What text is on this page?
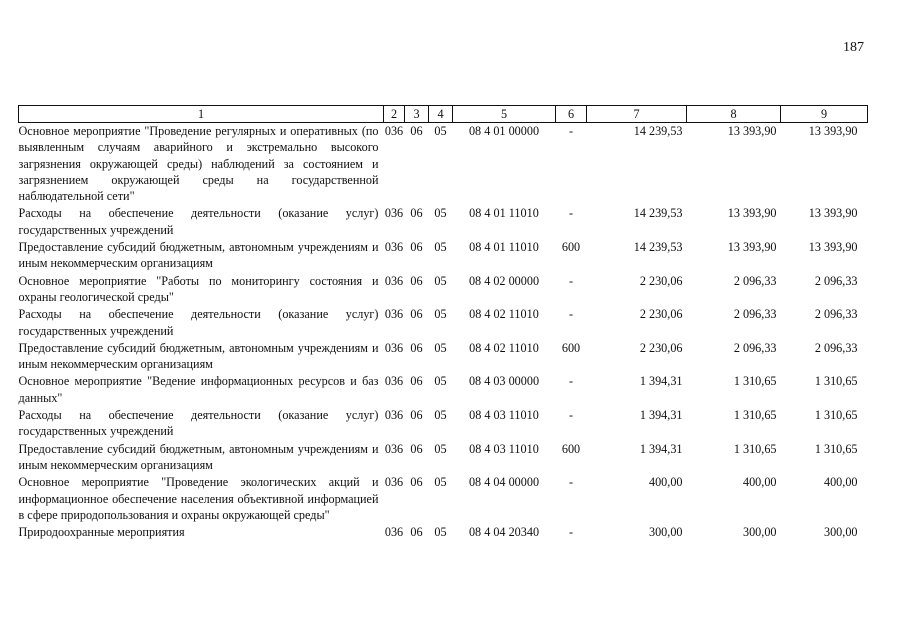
187
1	2	3	4	5	6	7	8	9
Основное мероприятие "Проведение регулярных и оперативных (по выявленным случаям аварийного и экстремально высокого загрязнения окружающей среды) наблюдений за состоянием и загрязнением окружающей среды на государственной наблюдательной сети"	036	06	05	08 4 01 00000	-	14 239,53	13 393,90	13 393,90
Расходы на обеспечение деятельности (оказание услуг) государственных учреждений	036	06	05	08 4 01 11010	-	14 239,53	13 393,90	13 393,90
Предоставление субсидий бюджетным, автономным учреждениям и иным некоммерческим организациям	036	06	05	08 4 01 11010	600	14 239,53	13 393,90	13 393,90
Основное мероприятие "Работы по мониторингу состояния и охраны геологической среды"	036	06	05	08 4 02 00000	-	2 230,06	2 096,33	2 096,33
Расходы на обеспечение деятельности (оказание услуг) государственных учреждений	036	06	05	08 4 02 11010	-	2 230,06	2 096,33	2 096,33
Предоставление субсидий бюджетным, автономным учреждениям и иным некоммерческим организациям	036	06	05	08 4 02 11010	600	2 230,06	2 096,33	2 096,33
Основное мероприятие "Ведение информационных ресурсов и баз данных"	036	06	05	08 4 03 00000	-	1 394,31	1 310,65	1 310,65
Расходы на обеспечение деятельности (оказание услуг) государственных учреждений	036	06	05	08 4 03 11010	-	1 394,31	1 310,65	1 310,65
Предоставление субсидий бюджетным, автономным учреждениям и иным некоммерческим организациям	036	06	05	08 4 03 11010	600	1 394,31	1 310,65	1 310,65
Основное мероприятие "Проведение экологических акций и информационное обеспечение населения объективной информацией в сфере природопользования и охраны окружающей среды"	036	06	05	08 4 04 00000	-	400,00	400,00	400,00
Природоохранные мероприятия	036	06	05	08 4 04 20340	-	300,00	300,00	300,00
